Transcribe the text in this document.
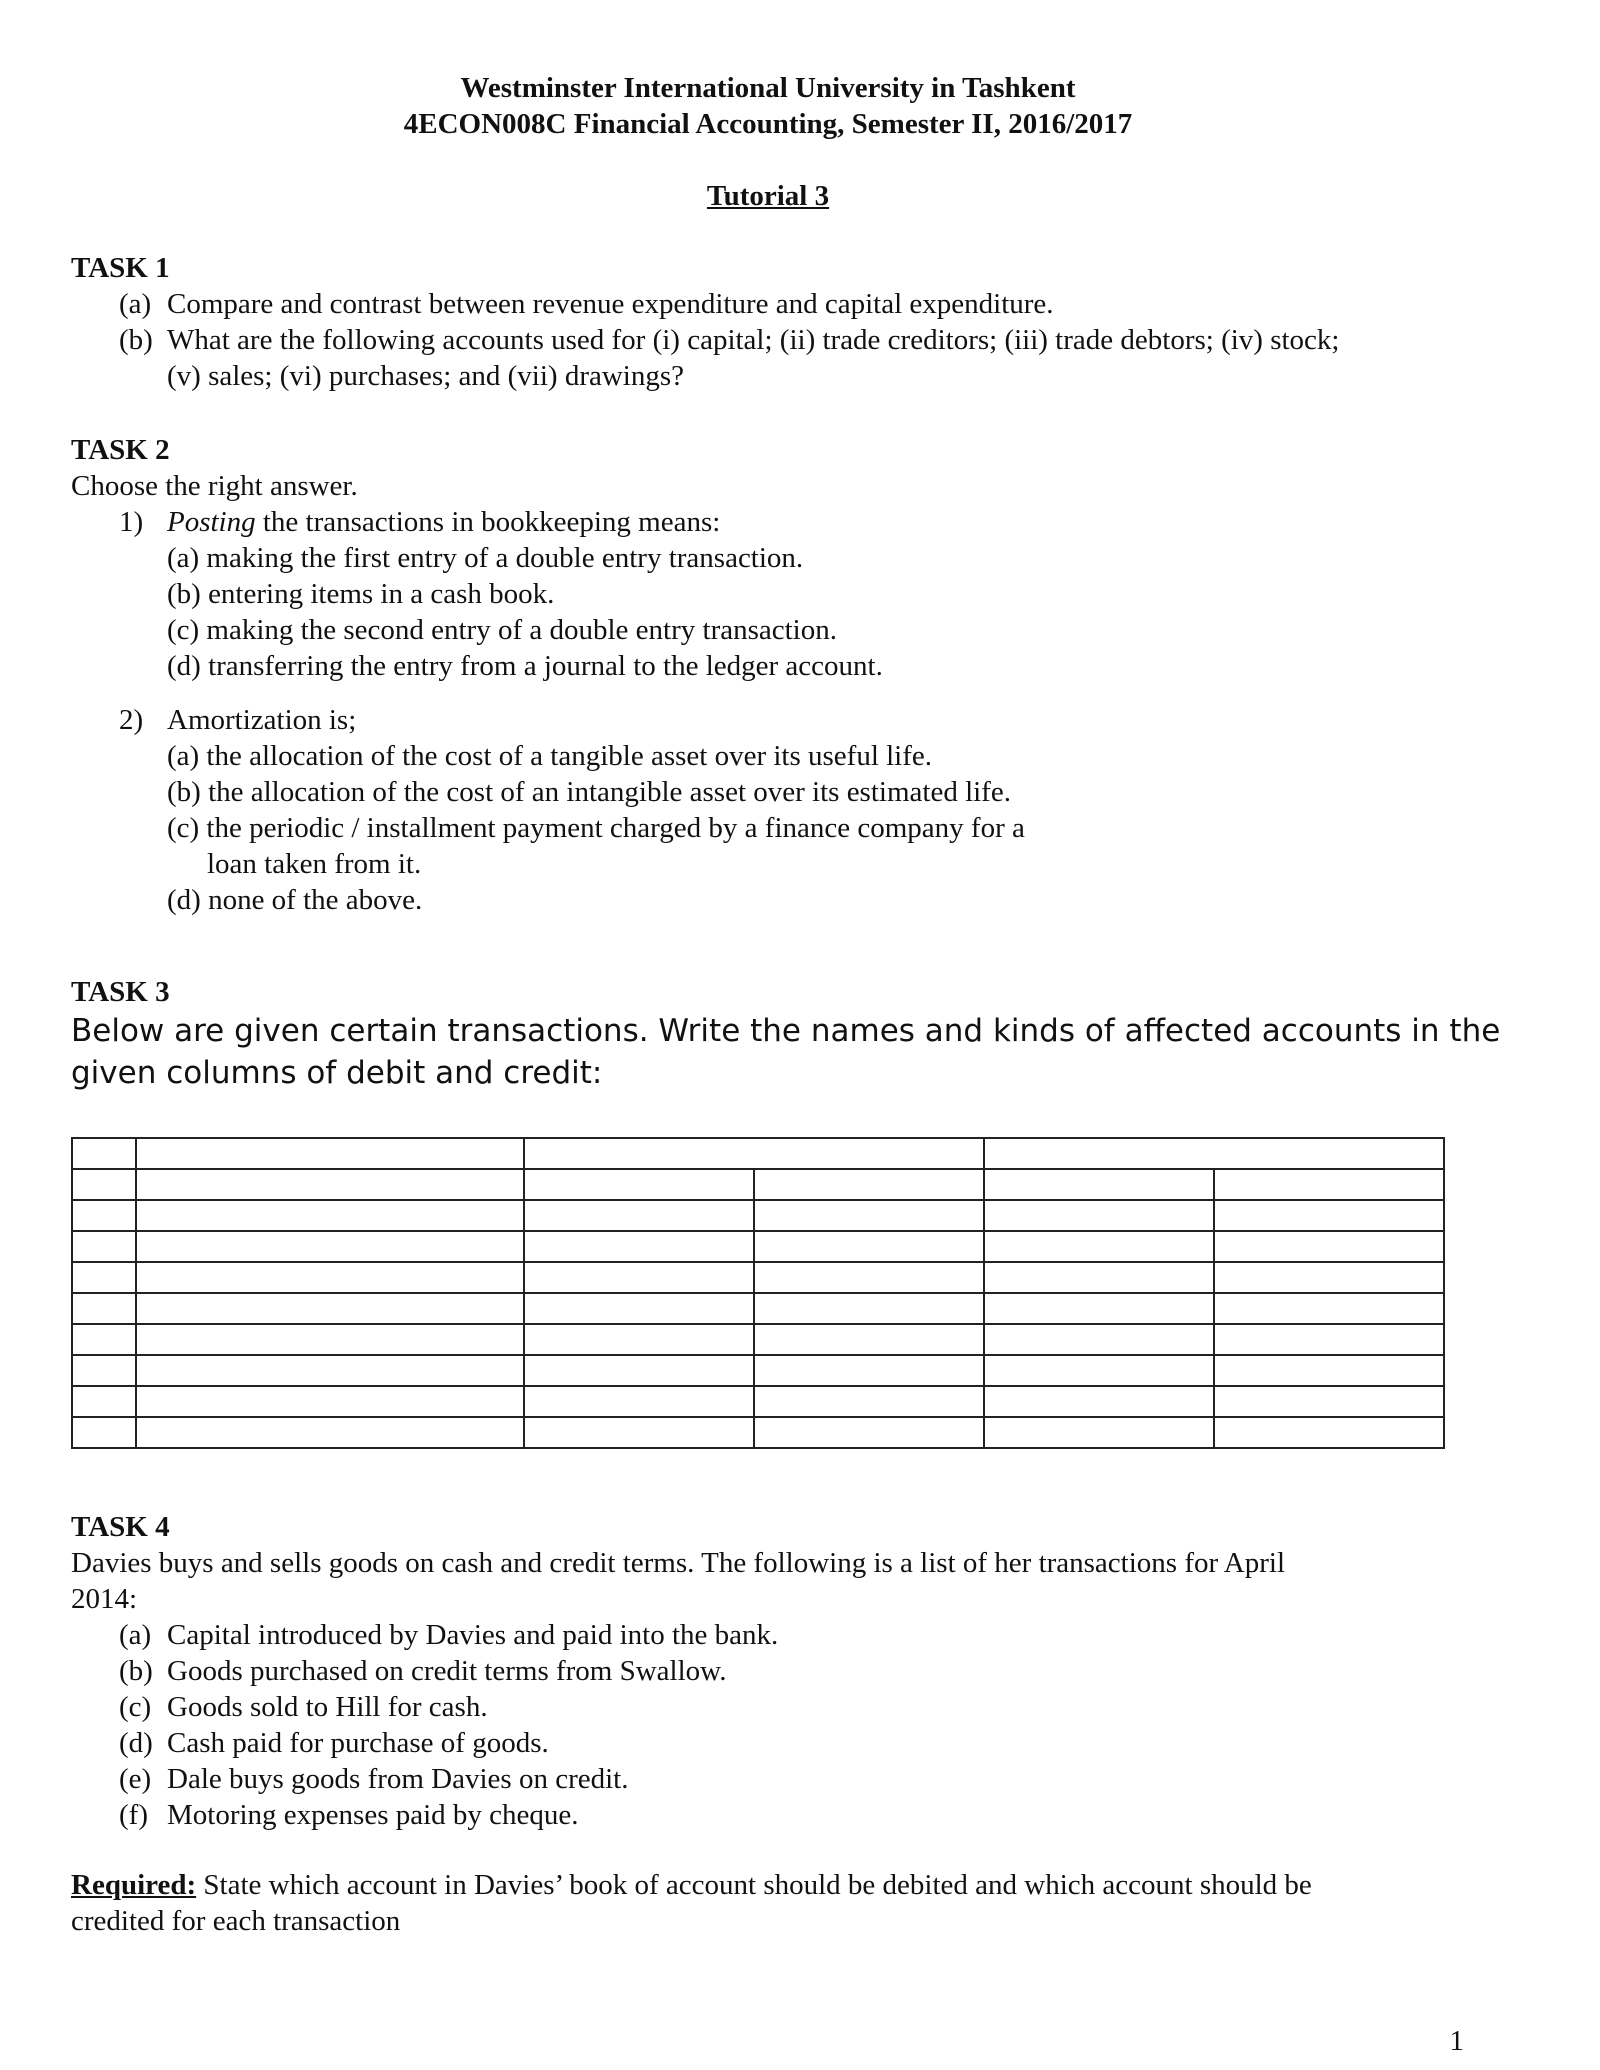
Westminster International University in Tashkent
4ECON008C Financial Accounting, Semester II, 2016/2017
Tutorial 3
TASK 1
(a) Compare and contrast between revenue expenditure and capital expenditure.
(b) What are the following accounts used for (i) capital; (ii) trade creditors; (iii) trade debtors; (iv) stock;
(v) sales; (vi) purchases; and (vii) drawings?
TASK 2
Choose the right answer.
1) Posting the transactions in bookkeeping means:
(a) making the first entry of a double entry transaction.
(b) entering items in a cash book.
(c) making the second entry of a double entry transaction.
(d) transferring the entry from a journal to the ledger account.
2) Amortization is;
(a) the allocation of the cost of a tangible asset over its useful life.
(b) the allocation of the cost of an intangible asset over its estimated life.
(c) the periodic / installment payment charged by a finance company for a
loan taken from it.
(d) none of the above.
TASK 3
Below are given certain transactions. Write the names and kinds of affected accounts in the
given columns of debit and credit:

TASK 4
Davies buys and sells goods on cash and credit terms. The following is a list of her transactions for April
2014:
(a) Capital introduced by Davies and paid into the bank.
(b) Goods purchased on credit terms from Swallow.
(c) Goods sold to Hill for cash.
(d) Cash paid for purchase of goods.
(e) Dale buys goods from Davies on credit.
(f) Motoring expenses paid by cheque.
Required: State which account in Davies’ book of account should be debited and which account should be
credited for each transaction
1
